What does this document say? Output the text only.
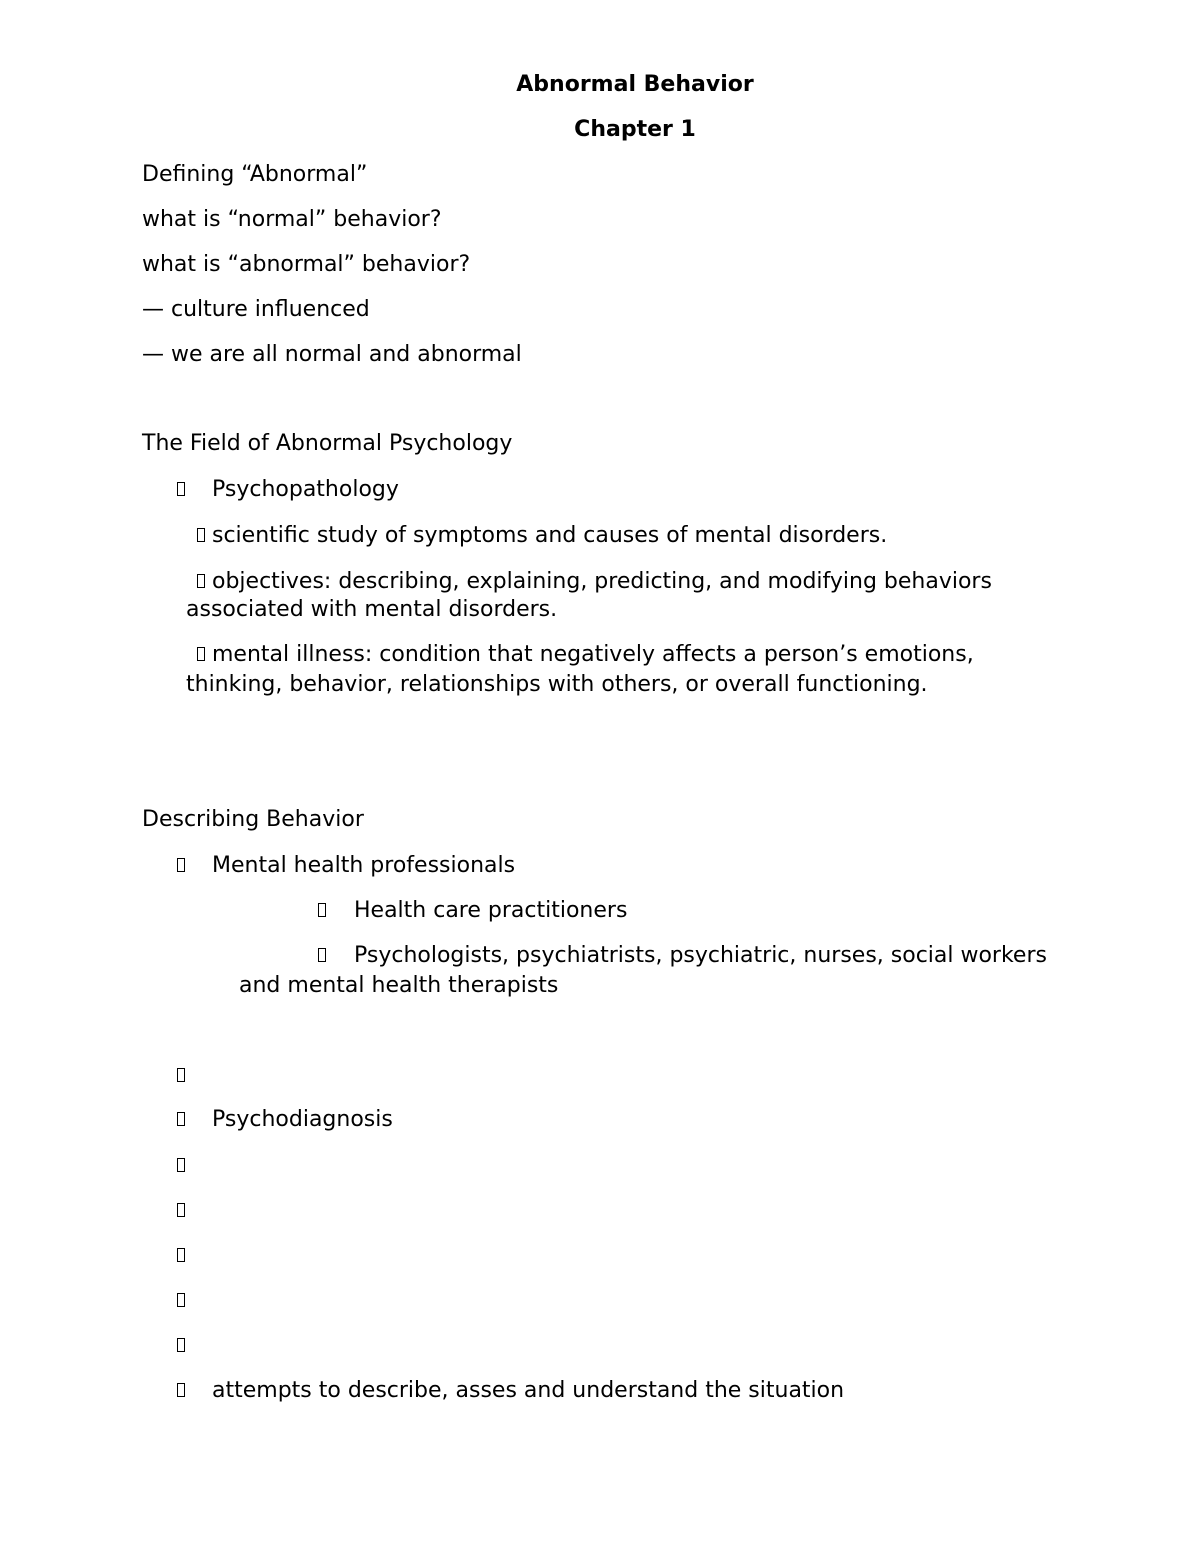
Abnormal Behavior
Chapter 1
Defining “Abnormal”
what is “normal” behavior?
what is “abnormal” behavior?
— culture influenced
— we are all normal and abnormal
The Field of Abnormal Psychology
Psychopathology
scientific study of symptoms and causes of mental disorders.
objectives: describing, explaining, predicting, and modifying behaviors
associated with mental disorders.
mental illness: condition that negatively affects a person’s emotions,
thinking, behavior, relationships with others, or overall functioning.
Describing Behavior
Mental health professionals
Health care practitioners
Psychologists, psychiatrists, psychiatric, nurses, social workers
and mental health therapists
Psychodiagnosis
attempts to describe, asses and understand the situation
